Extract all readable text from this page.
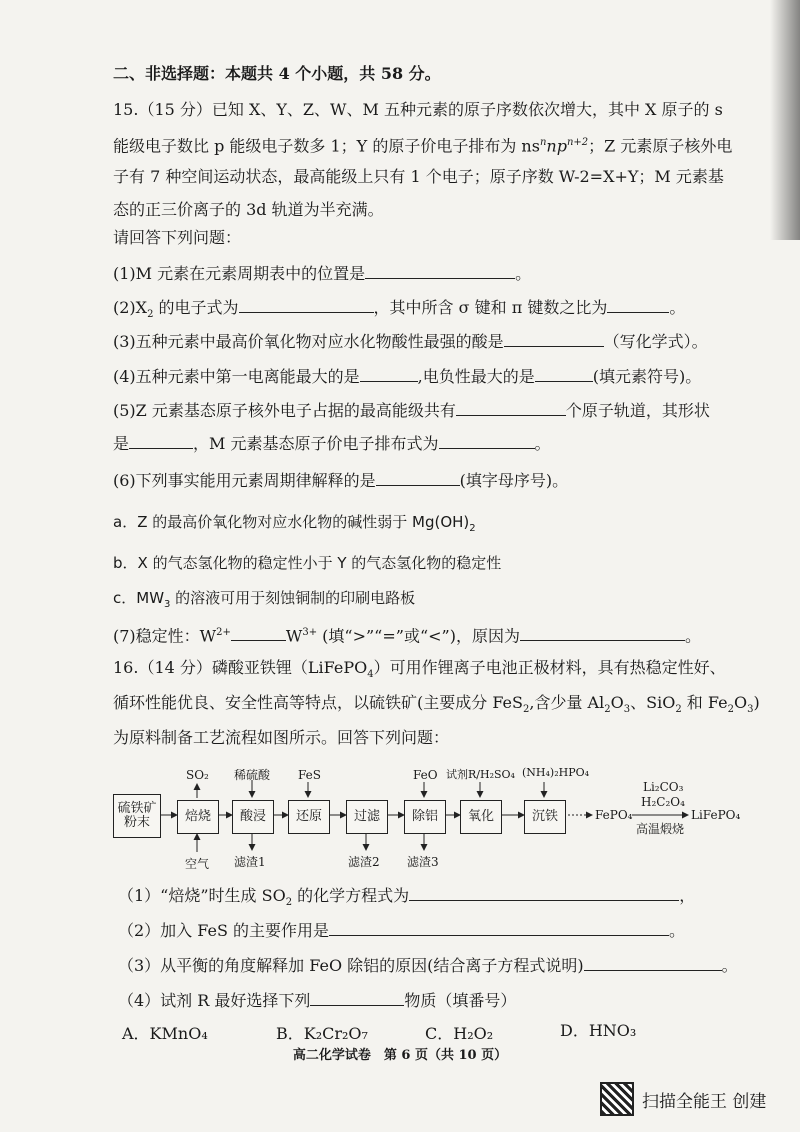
二、非选择题：本题共 4 个小题，共 58 分。
15.（15 分）已知 X、Y、Z、W、M 五种元素的原子序数依次增大，其中 X 原子的 s
能级电子数比 p 能级电子数多 1；Y 的原子价电子排布为 $ns^nnp^{n+2}$；Z 元素原子核外电
子有 7 种空间运动状态，最高能级上只有 1 个电子；原子序数 W-2=X+Y；M 元素基
态的正三价离子的 3d 轨道为半充满。
请回答下列问题：
(1)M 元素在元素周期表中的位置是	。
$(2)X_2$ 的电子式为	，其中所含 σ 键和 π 键数之比为	。
(3)五种元素中最高价氧化物对应水化物酸性最强的酸是	（写化学式）。
(4)五种元素中第一电离能最大的是	,电负性最大的是	(填元素符号)。
(5)Z 元素基态原子核外电子占据的最高能级共有	个原子轨道，其形状
是	，M 元素基态原子价电子排布式为	。
(6)下列事实能用元素周期律解释的是	(填字母序号)。
a．Z 的最高价氧化物对应水化物的碱性弱于 $Mg(OH)_2$
b．X 的气态氢化物的稳定性小于 Y 的气态氢化物的稳定性
c．$MW_3$ 的溶液可用于刻蚀铜制的印刷电路板
(7)稳定性：$W^{2+}$	$W^{3+}$ (填“>”“=”或“<”)，原因为	。
16.（14 分）磷酸亚铁锂（LiFePO$_4$）可用作锂离子电池正极材料，具有热稳定性好、
循环性能优良、安全性高等特点，以硫铁矿(主要成分 FeS$_2$,含少量 $Al_2O_3$、SiO$_2$ 和 $Fe_2O_3$)
为原料制备工艺流程如图所示。回答下列问题：
硫铁矿
粉末	焙烧	酸浸	还原	过滤	除铝	氧化	沉铁
SO₂ 稀硫酸 FeS	FeO 试剂R/H₂SO₄ (NH₄)₂HPO₄
空气 滤渣1	滤渣2 滤渣3
FePO₄
Li₂CO₃
H₂C₂O₄
高温煅烧
LiFePO₄
（1）“焙烧”时生成 $SO_2$ 的化学方程式为	，
（2）加入 FeS 的主要作用是	。
（3）从平衡的角度解释加 FeO 除铝的原因(结合离子方程式说明)	。
（4）试剂 R 最好选择下列	物质（填番号）
A．KMnO₄	B．K₂Cr₂O₇	C．H₂O₂	D．HNO₃
高二化学试卷　第 6 页（共 10 页）
扫描全能王 创建
